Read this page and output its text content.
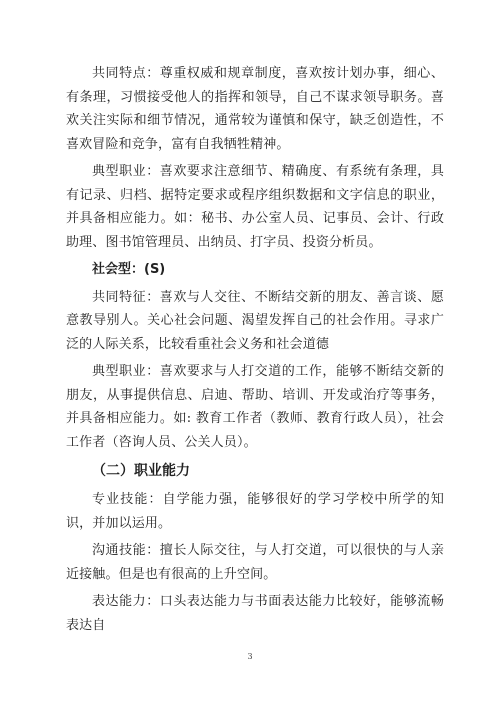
共同特点：尊重权威和规章制度，喜欢按计划办事，细心、有条理，习惯接受他人的指挥和领导，自己不谋求领导职务。喜欢关注实际和细节情况，通常较为谨慎和保守，缺乏创造性，不喜欢冒险和竞争，富有自我牺牲精神。

典型职业：喜欢要求注意细节、精确度、有系统有条理，具有记录、归档、据特定要求或程序组织数据和文字信息的职业，并具备相应能力。如：秘书、办公室人员、记事员、会计、行政助理、图书馆管理员、出纳员、打字员、投资分析员。

社会型：(S)

共同特征：喜欢与人交往、不断结交新的朋友、善言谈、愿意教导别人。关心社会问题、渴望发挥自己的社会作用。寻求广泛的人际关系，比较看重社会义务和社会道德

典型职业：喜欢要求与人打交道的工作，能够不断结交新的朋友，从事提供信息、启迪、帮助、培训、开发或治疗等事务，并具备相应能力。如: 教育工作者（教师、教育行政人员），社会工作者（咨询人员、公关人员）。

（二）职业能力

专业技能：自学能力强，能够很好的学习学校中所学的知识，并加以运用。

沟通技能：擅长人际交往，与人打交道，可以很快的与人亲近接触。但是也有很高的上升空间。

表达能力：口头表达能力与书面表达能力比较好，能够流畅表达自

3
